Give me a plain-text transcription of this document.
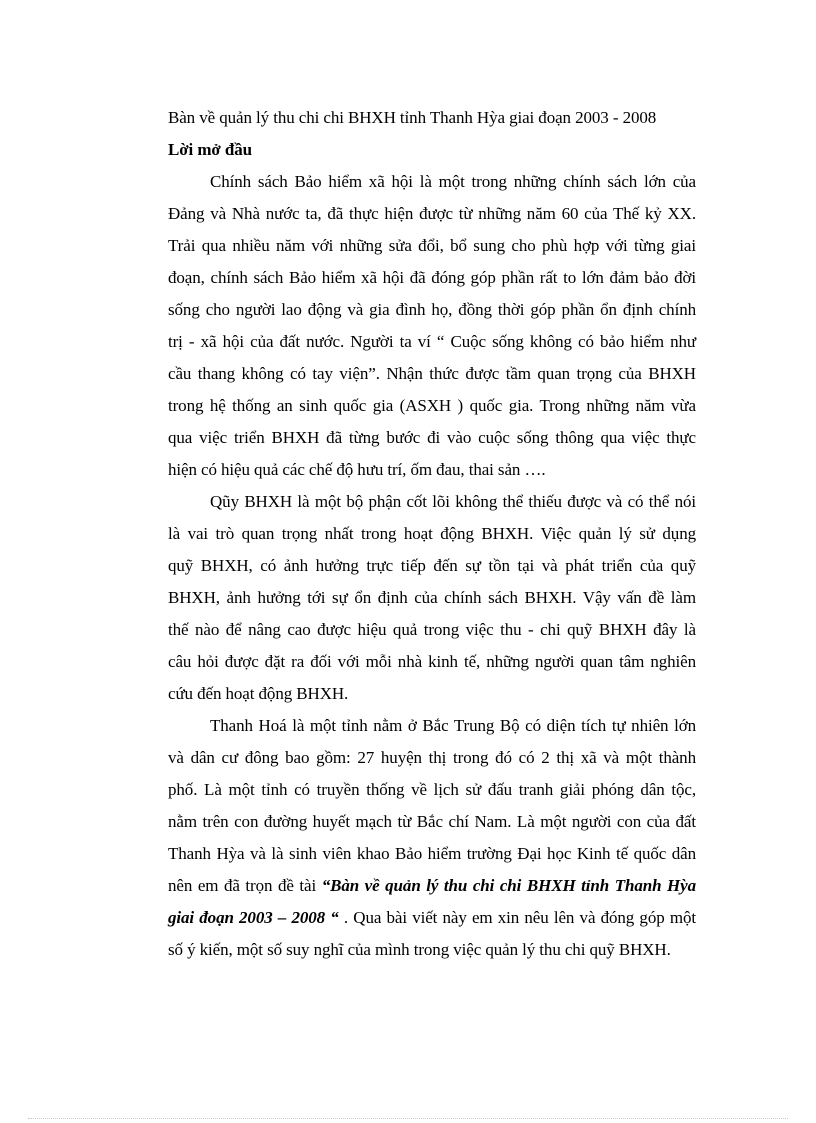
Bàn về quản lý thu chi chi BHXH tỉnh Thanh Hỳa giai đoạn 2003 - 2008
Lời mở đầu
Chính sách Bảo hiểm xã hội là một trong những chính sách lớn của
Đảng và Nhà nước ta, đã thực hiện được từ những năm 60 của Thế kỷ XX.
Trải qua nhiều năm với những sửa đổi, bổ sung cho phù hợp với từng giai
đoạn, chính sách Bảo hiểm xã hội đã đóng góp phần rất to lớn đảm bảo đời
sống cho người lao động và gia đình họ, đồng thời góp phần ổn định chính
trị - xã hội của đất nước. Người ta ví “ Cuộc sống không có bảo hiểm như
cầu thang không có tay viện”. Nhận thức được tầm quan trọng của BHXH
trong hệ thống an sinh quốc gia (ASXH ) quốc gia. Trong những năm vừa
qua việc triển BHXH đã từng bước đi vào cuộc sống thông qua việc thực
hiện có hiệu quả các chế độ hưu trí, ốm đau, thai sản ….
Qũy BHXH là một bộ phận cốt lõi không thể thiếu được và có thể nói
là vai trò quan trọng nhất trong hoạt động BHXH. Việc quản lý sử dụng
quỹ BHXH, có ảnh hưởng trực tiếp đến sự tồn tại và phát triển của quỹ
BHXH, ảnh hưởng tới sự ổn định của chính sách BHXH. Vậy vấn đề làm
thế nào để nâng cao được hiệu quả trong việc thu - chi quỹ BHXH đây là
câu hỏi được đặt ra đối với mỗi nhà kinh tế, những người quan tâm nghiên
cứu đến hoạt động BHXH.
Thanh Hoá là một tỉnh nằm ở Bắc Trung Bộ có diện tích tự nhiên lớn
và dân cư đông bao gồm: 27 huyện thị trong đó có 2 thị xã và một thành
phố. Là một tỉnh có truyền thống về lịch sử đấu tranh giải phóng dân tộc,
nằm trên con đường huyết mạch từ Bắc chí Nam. Là một người con của đất
Thanh Hỳa và là sinh viên khao Bảo hiểm trường Đại học Kinh tế quốc dân
nên em đã trọn đề tài “Bàn về quản lý thu chi chi BHXH tỉnh Thanh Hỳa
giai đoạn 2003 – 2008 “ . Qua bài viết này em xin nêu lên và đóng góp một
số ý kiến, một số suy nghĩ của mình trong việc quản lý thu chi quỹ BHXH.
